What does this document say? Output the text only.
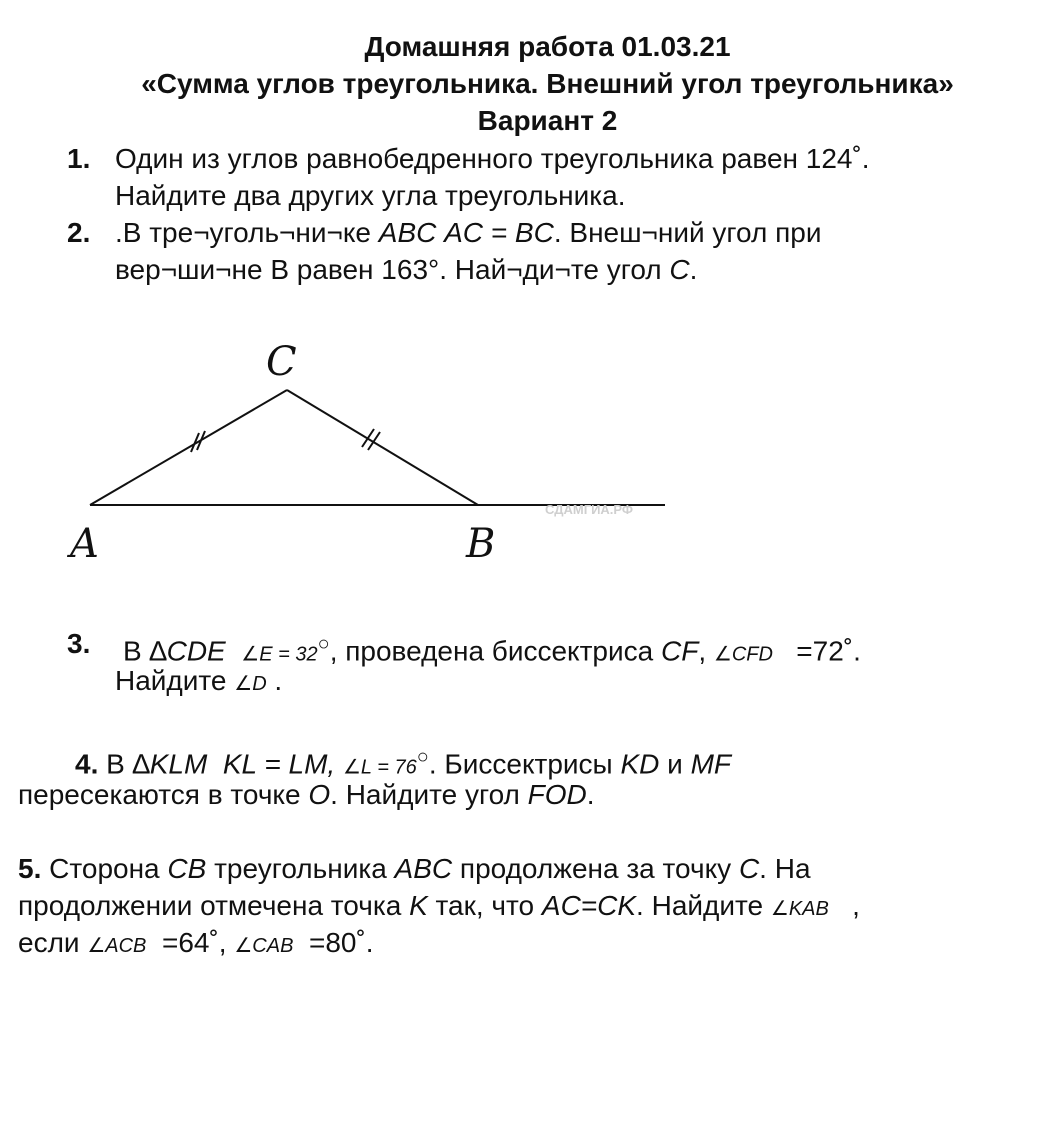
Домашняя работа 01.03.21
«Сумма углов треугольника. Внешний угол треугольника»
Вариант 2
1. Один из углов равнобедренного треугольника равен 124˚.
Найдите два других угла треугольника.
2. .В тре¬уголь¬ни¬ке ABC AC = BC. Внеш¬ний угол при
вер¬ши¬не B равен 163°. Най¬ди¬те угол C.
C
A	B
СДАМГИА.РФ
3. В ∆CDE ∠E = 32○, проведена биссектриса CF, ∠CFD =72˚.
Найдите ∠D .
4. В ∆KLM KL = LM, ∠L = 76○. Биссектрисы KD и MF
пересекаются в точке O. Найдите угол FOD.
5. Сторона CB треугольника ABC продолжена за точку C. На
продолжении отмечена точка K так, что AC=CK. Найдите ∠KAB   ,
если ∠ACB  =64˚, ∠CAB  =80˚.
